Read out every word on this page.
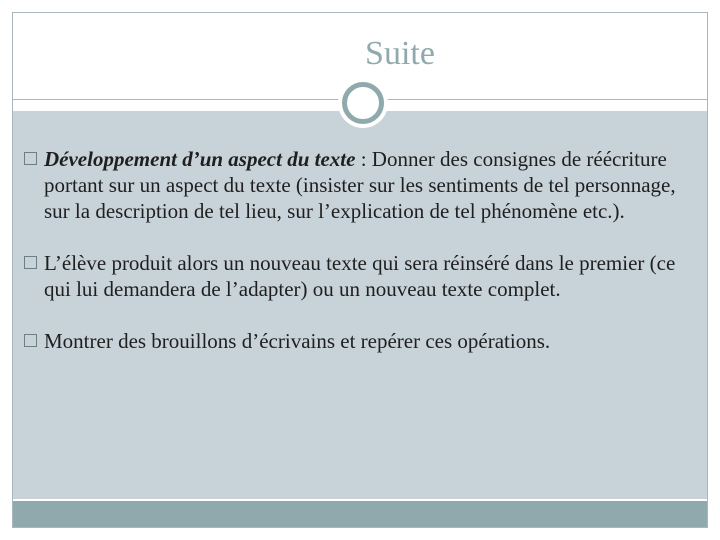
Suite
Développement d’un aspect du texte : Donner des consignes de réécriture portant sur un aspect du texte (insister sur les sentiments de tel personnage, sur la description de tel lieu, sur l’explication de tel phénomène etc.).
L’élève produit alors un nouveau texte qui sera réinséré dans le premier (ce qui lui demandera de l’adapter) ou un nouveau texte complet.
Montrer des brouillons d’écrivains et repérer ces opérations.
